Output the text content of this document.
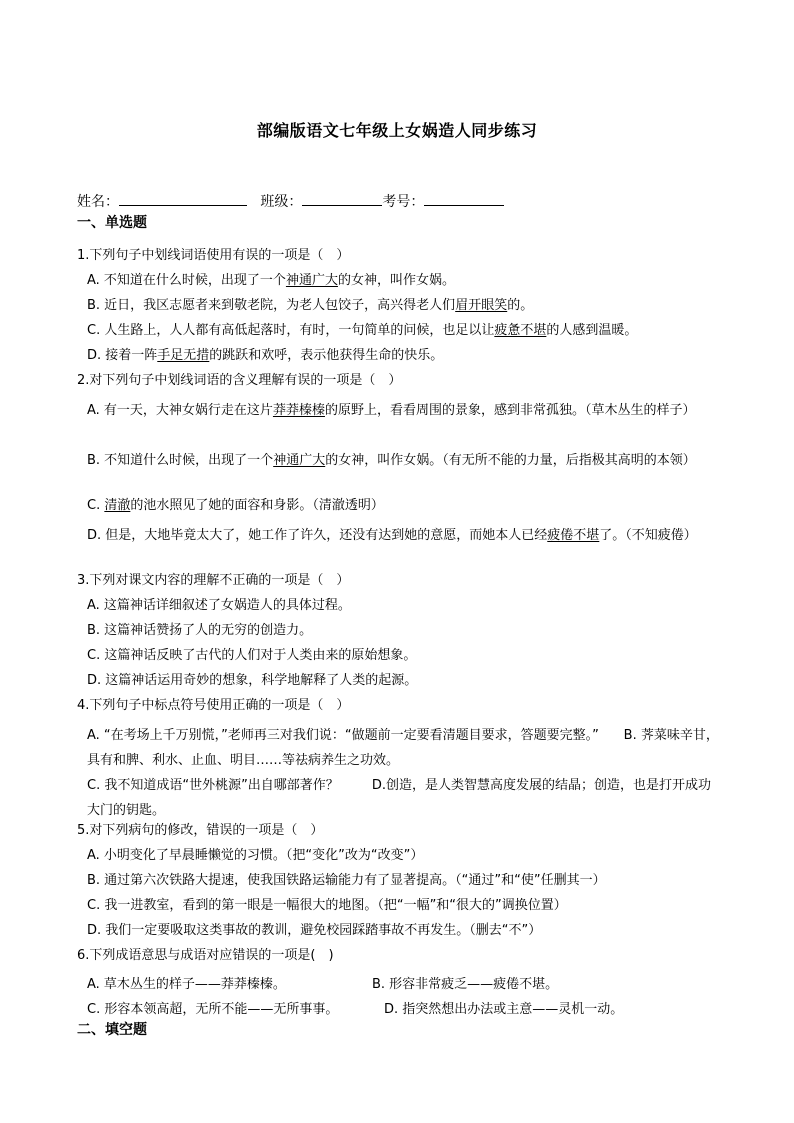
部编版语文七年级上女娲造人同步练习
姓名：	班级：	考号：
一、单选题
1.下列句子中划线词语使用有误的一项是（　）
A. 不知道在什么时候，出现了一个神通广大的女神，叫作女娲。
B. 近日，我区志愿者来到敬老院，为老人包饺子，高兴得老人们眉开眼笑的。
C. 人生路上，人人都有高低起落时，有时，一句简单的问候，也足以让疲惫不堪的人感到温暖。
D. 接着一阵手足无措的跳跃和欢呼，表示他获得生命的快乐。
2.对下列句子中划线词语的含义理解有误的一项是（　）
A. 有一天，大神女娲行走在这片莽莽榛榛的原野上，看看周围的景象，感到非常孤独。（草木丛生的样子）
B. 不知道什么时候，出现了一个神通广大的女神，叫作女娲。（有无所不能的力量，后指极其高明的本领）
C. 清澈的池水照见了她的面容和身影。（清澈透明）
D. 但是，大地毕竟太大了，她工作了许久，还没有达到她的意愿，而她本人已经疲倦不堪了。（不知疲倦）
3.下列对课文内容的理解不正确的一项是（　）
A. 这篇神话详细叙述了女娲造人的具体过程。
B. 这篇神话赞扬了人的无穷的创造力。
C. 这篇神话反映了古代的人们对于人类由来的原始想象。
D. 这篇神话运用奇妙的想象，科学地解释了人类的起源。
4.下列句子中标点符号使用正确的一项是（　）
A. “在考场上千万别慌，”老师再三对我们说：“做题前一定要看清题目要求，答题要完整。” B. 荠菜味辛甘，具有和脾、利水、止血、明目……等祛病养生之功效。
C. 我不知道成语“世外桃源”出自哪部著作？	D.创造，是人类智慧高度发展的结晶；创造，也是打开成功大门的钥匙。
5.对下列病句的修改，错误的一项是（　）
A. 小明变化了早晨睡懒觉的习惯。（把“变化”改为“改变”）
B. 通过第六次铁路大提速，使我国铁路运输能力有了显著提高。（“通过”和“使”任删其一）
C. 我一进教室，看到的第一眼是一幅很大的地图。（把“一幅”和“很大的”调换位置）
D. 我们一定要吸取这类事故的教训，避免校园踩踏事故不再发生。（删去“不”）
6.下列成语意思与成语对应错误的一项是(　)
A. 草木丛生的样子——莽莽榛榛。	B. 形容非常疲乏——疲倦不堪。
C. 形容本领高超，无所不能——无所事事。	D. 指突然想出办法或主意——灵机一动。
二、填空题
